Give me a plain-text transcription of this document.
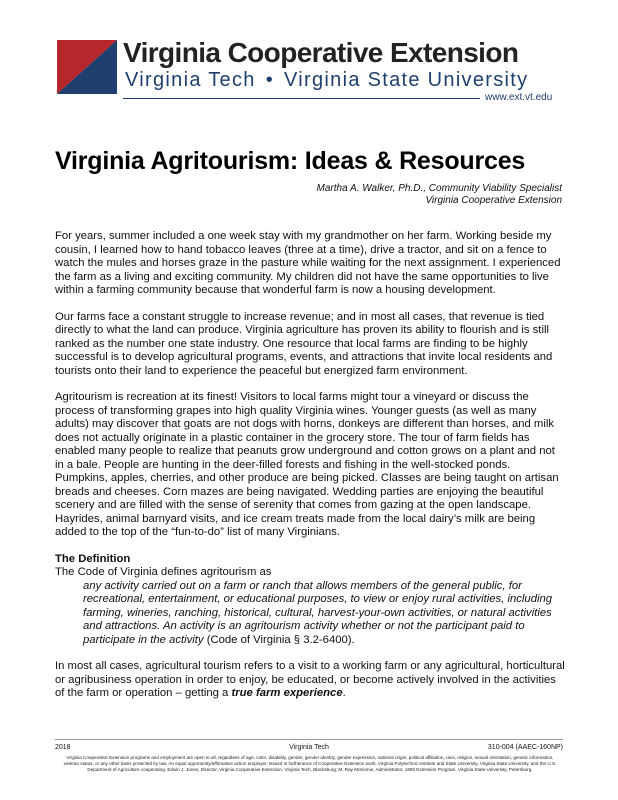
Virginia Cooperative Extension
Virginia Tech • Virginia State University
www.ext.vt.edu
Virginia Agritourism: Ideas & Resources
Martha A. Walker, Ph.D., Community Viability Specialist
Virginia Cooperative Extension

For years, summer included a one week stay with my grandmother on her farm. Working beside my cousin, I learned how to hand tobacco leaves (three at a time), drive a tractor, and sit on a fence to watch the mules and horses graze in the pasture while waiting for the next assignment. I experienced the farm as a living and exciting community. My children did not have the same opportunities to live within a farming community because that wonderful farm is now a housing development.

Our farms face a constant struggle to increase revenue; and in most all cases, that revenue is tied directly to what the land can produce. Virginia agriculture has proven its ability to flourish and is still ranked as the number one state industry. One resource that local farms are finding to be highly successful is to develop agricultural programs, events, and attractions that invite local residents and tourists onto their land to experience the peaceful but energized farm environment.

Agritourism is recreation at its finest! Visitors to local farms might tour a vineyard or discuss the process of transforming grapes into high quality Virginia wines. Younger guests (as well as many adults) may discover that goats are not dogs with horns, donkeys are different than horses, and milk does not actually originate in a plastic container in the grocery store. The tour of farm fields has enabled many people to realize that peanuts grow underground and cotton grows on a plant and not in a bale. People are hunting in the deer-filled forests and fishing in the well-stocked ponds. Pumpkins, apples, cherries, and other produce are being picked. Classes are being taught on artisan breads and cheeses. Corn mazes are being navigated. Wedding parties are enjoying the beautiful scenery and are filled with the sense of serenity that comes from gazing at the open landscape. Hayrides, animal barnyard visits, and ice cream treats made from the local dairy’s milk are being added to the top of the “fun-to-do” list of many Virginians.

The Definition
The Code of Virginia defines agritourism as
any activity carried out on a farm or ranch that allows members of the general public, for recreational, entertainment, or educational purposes, to view or enjoy rural activities, including farming, wineries, ranching, historical, cultural, harvest-your-own activities, or natural activities and attractions. An activity is an agritourism activity whether or not the participant paid to participate in the activity (Code of Virginia § 3.2-6400).

In most all cases, agricultural tourism refers to a visit to a working farm or any agricultural, horticultural or agribusiness operation in order to enjoy, be educated, or become actively involved in the activities of the farm or operation – getting a true farm experience.

2018	Virginia Tech	310-004 (AAEC-160NP)
Virginia Cooperative Extension programs and employment are open to all, regardless of age, color, disability, gender, gender identity, gender expression, national origin, political affiliation, race, religion, sexual orientation, genetic information, veteran status, or any other basis protected by law. An equal opportunity/affirmative action employer. Issued in furtherance of Cooperative Extension work, Virginia Polytechnic Institute and State University, Virginia State University, and the U.S. Department of Agriculture cooperating. Edwin J. Jones, Director, Virginia Cooperative Extension, Virginia Tech, Blacksburg; M. Ray McKinnie, Administrator, 1890 Extension Program, Virginia State University, Petersburg.
